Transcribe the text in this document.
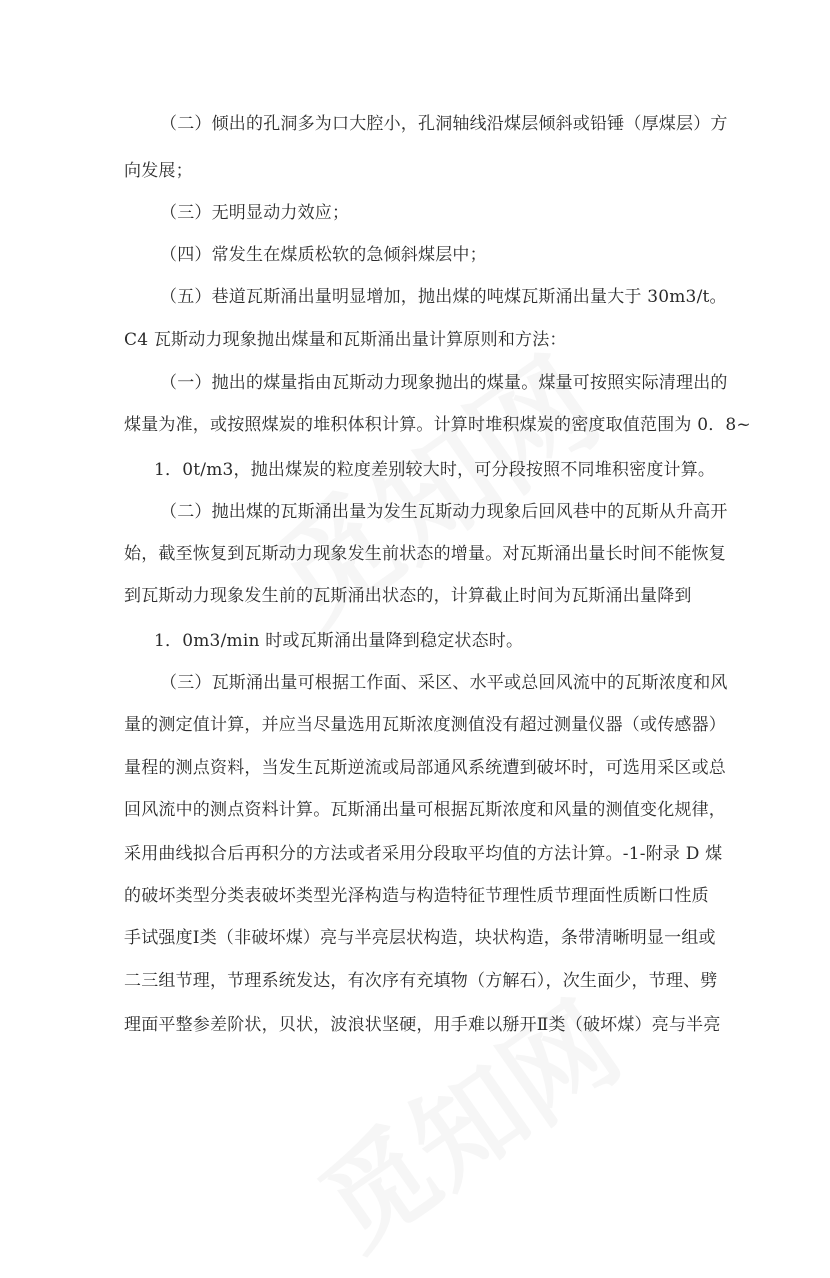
（二）倾出的孔洞多为口大腔小，孔洞轴线沿煤层倾斜或铅锤（厚煤层）方
向发展；
（三）无明显动力效应；
（四）常发生在煤质松软的急倾斜煤层中；
（五）巷道瓦斯涌出量明显增加，抛出煤的吨煤瓦斯涌出量大于 30m3/t。
C4 瓦斯动力现象抛出煤量和瓦斯涌出量计算原则和方法：
（一）抛出的煤量指由瓦斯动力现象抛出的煤量。煤量可按照实际清理出的
煤量为准，或按照煤炭的堆积体积计算。计算时堆积煤炭的密度取值范围为 0．8~
1．0t/m3，抛出煤炭的粒度差别较大时，可分段按照不同堆积密度计算。
（二）抛出煤的瓦斯涌出量为发生瓦斯动力现象后回风巷中的瓦斯从升高开
始，截至恢复到瓦斯动力现象发生前状态的增量。对瓦斯涌出量长时间不能恢复
到瓦斯动力现象发生前的瓦斯涌出状态的，计算截止时间为瓦斯涌出量降到
1．0m3/min 时或瓦斯涌出量降到稳定状态时。
（三）瓦斯涌出量可根据工作面、采区、水平或总回风流中的瓦斯浓度和风
量的测定值计算，并应当尽量选用瓦斯浓度测值没有超过测量仪器（或传感器）
量程的测点资料，当发生瓦斯逆流或局部通风系统遭到破坏时，可选用采区或总
回风流中的测点资料计算。瓦斯涌出量可根据瓦斯浓度和风量的测值变化规律，
采用曲线拟合后再积分的方法或者采用分段取平均值的方法计算。-1-附录 D 煤
的破坏类型分类表破坏类型光泽构造与构造特征节理性质节理面性质断口性质
手试强度Ⅰ类（非破坏煤）亮与半亮层状构造，块状构造，条带清晰明显一组或
二三组节理，节理系统发达，有次序有充填物（方解石），次生面少，节理、劈
理面平整参差阶状，贝状，波浪状坚硬，用手难以掰开Ⅱ类（破坏煤）亮与半亮
